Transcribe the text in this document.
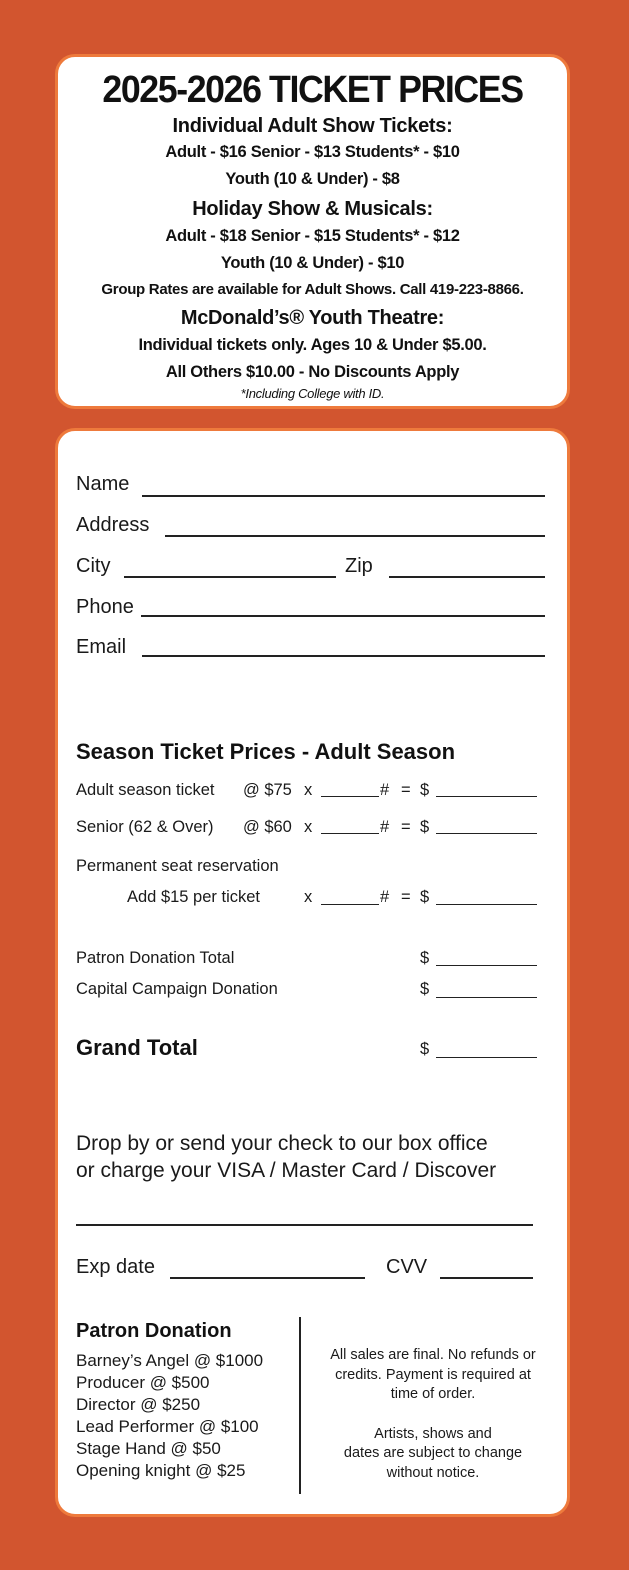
2025-2026 TICKET PRICES
Individual Adult Show Tickets:
Adult - $16 Senior - $13 Students* - $10
Youth (10 & Under) - $8
Holiday Show & Musicals:
Adult - $18 Senior - $15 Students* - $12
Youth (10 & Under) - $10
Group Rates are available for Adult Shows. Call 419-223-8866.
McDonald’s® Youth Theatre:
Individual tickets only. Ages 10 & Under $5.00.
All Others $10.00 - No Discounts Apply
*Including College with ID.
Name
Address
City	Zip
Phone
Email
Season Ticket Prices - Adult Season
Adult season ticket @ $75 x	# = $
Senior (62 & Over) @ $60 x	# = $
Permanent seat reservation
Add $15 per ticket	x	# = $
Patron Donation Total	$
Capital Campaign Donation	$
Grand Total	$
Drop by or send your check to our box office
or charge your VISA / Master Card / Discover
Exp date	CVV
Patron Donation
Barney’s Angel @ $1000
Producer @ $500
Director @ $250
Lead Performer @ $100
Stage Hand @ $50
Opening knight @ $25
All sales are final. No refunds or
credits. Payment is required at
time of order.
Artists, shows and
dates are subject to change
without notice.
